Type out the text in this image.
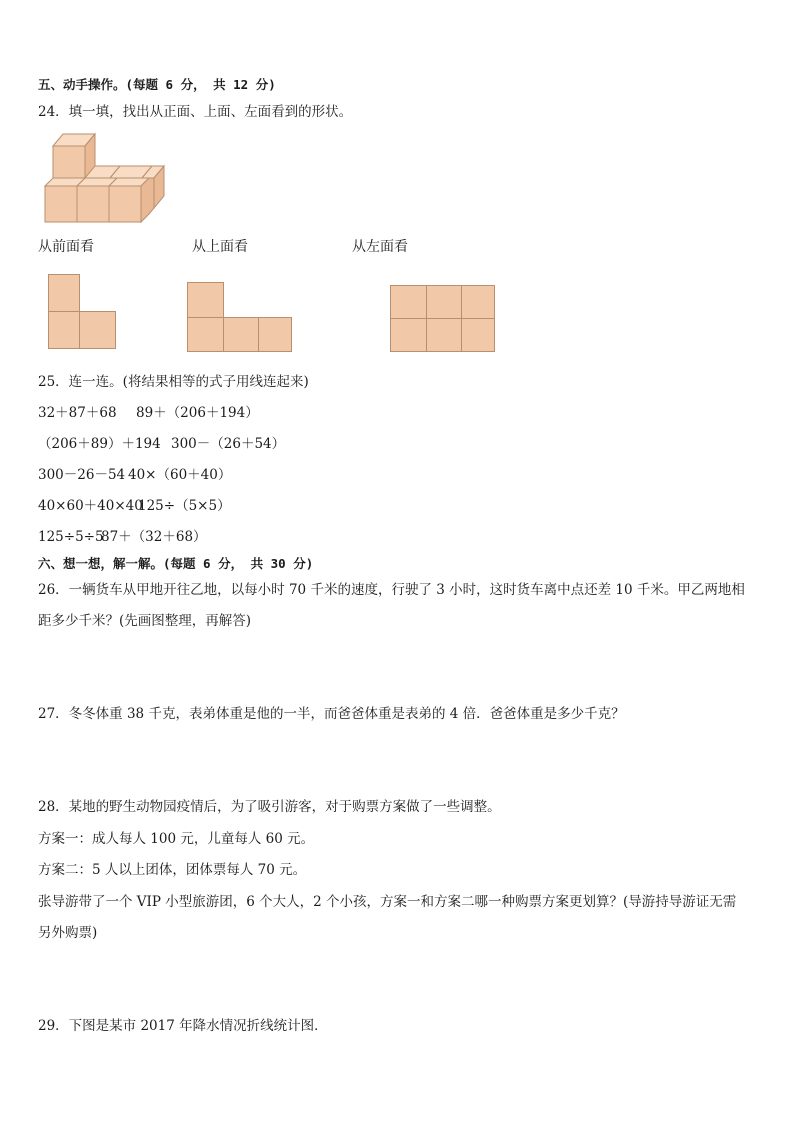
五、动手操作。(每题 6 分， 共 12 分)
24．填一填，找出从正面、上面、左面看到的形状。
从前面看	从上面看	从左面看
25．连一连。(将结果相等的式子用线连起来)
32＋87＋68 89＋（206＋194）
（206＋89）＋194 300－（26＋54）
300－26－54 40×（60＋40）
40×60＋40×40
125÷（5×5）
125÷5÷5
87＋（32＋68）
六、想一想，解一解。(每题 6 分， 共 30 分)
26．一辆货车从甲地开往乙地，以每小时 70 千米的速度，行驶了 3 小时，这时货车离中点还差 10 千米。甲乙两地相
距多少千米？(先画图整理，再解答)
27．冬冬体重 38 千克，表弟体重是他的一半，而爸爸体重是表弟的 4 倍．爸爸体重是多少千克？
28．某地的野生动物园疫情后，为了吸引游客，对于购票方案做了一些调整。
方案一：成人每人 100 元，儿童每人 60 元。
方案二：5 人以上团体，团体票每人 70 元。
张导游带了一个 VIP 小型旅游团，6 个大人，2 个小孩，方案一和方案二哪一种购票方案更划算？(导游持导游证无需
另外购票)
29．下图是某市 2017 年降水情况折线统计图．
